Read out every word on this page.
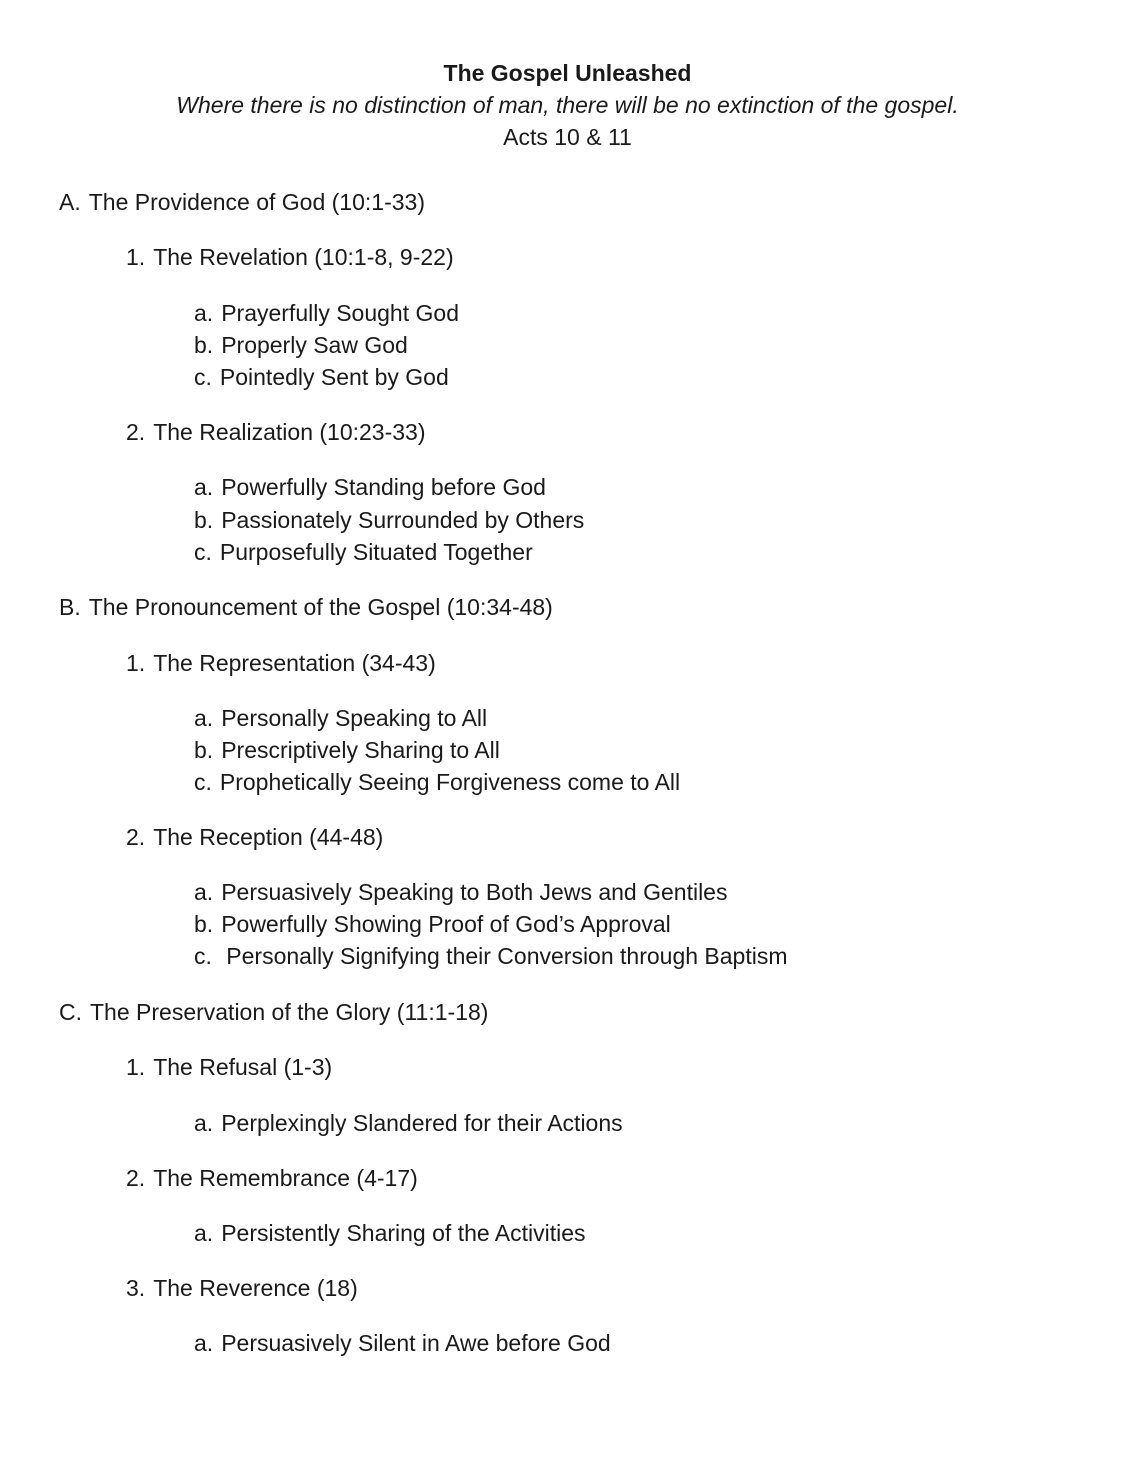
The Gospel Unleashed
Where there is no distinction of man, there will be no extinction of the gospel.
Acts 10 & 11
A. The Providence of God (10:1-33)
1. The Revelation (10:1-8, 9-22)
a. Prayerfully Sought God
b. Properly Saw God
c. Pointedly Sent by God
2. The Realization (10:23-33)
a. Powerfully Standing before God
b. Passionately Surrounded by Others
c. Purposefully Situated Together
B. The Pronouncement of the Gospel (10:34-48)
1. The Representation (34-43)
a. Personally Speaking to All
b. Prescriptively Sharing to All
c. Prophetically Seeing Forgiveness come to All
2. The Reception (44-48)
a. Persuasively Speaking to Both Jews and Gentiles
b. Powerfully Showing Proof of God’s Approval
c. Personally Signifying their Conversion through Baptism
C. The Preservation of the Glory (11:1-18)
1. The Refusal (1-3)
a. Perplexingly Slandered for their Actions
2. The Remembrance (4-17)
a. Persistently Sharing of the Activities
3. The Reverence (18)
a. Persuasively Silent in Awe before God
